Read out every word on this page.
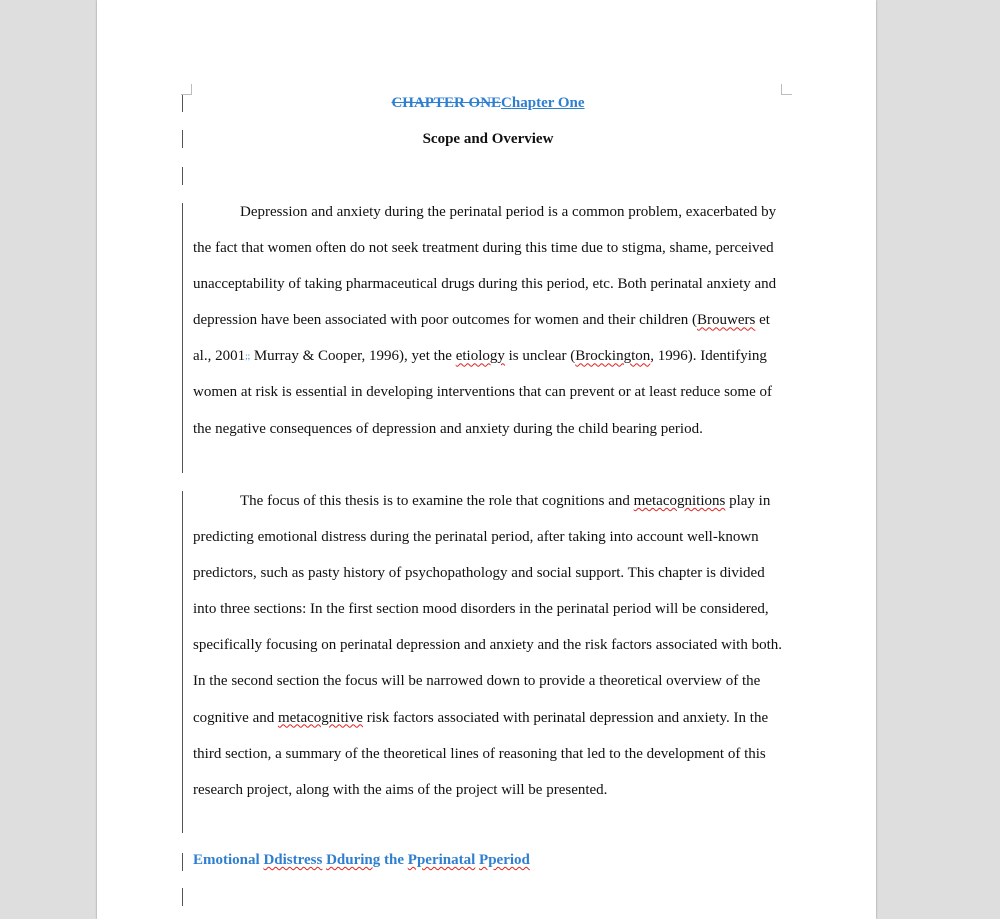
CHAPTER ONEChapter One
Scope and Overview

Depression and anxiety during the perinatal period is a common problem, exacerbated by the fact that women often do not seek treatment during this time due to stigma, shame, perceived unacceptability of taking pharmaceutical drugs during this period, etc. Both perinatal anxiety and depression have been associated with poor outcomes for women and their children (Brouwers et al., 2001;; Murray & Cooper, 1996), yet the etiology is unclear (Brockington, 1996). Identifying women at risk is essential in developing interventions that can prevent or at least reduce some of the negative consequences of depression and anxiety during the child bearing period.

The focus of this thesis is to examine the role that cognitions and metacognitions play in predicting emotional distress during the perinatal period, after taking into account well-known predictors, such as pasty history of psychopathology and social support. This chapter is divided into three sections: In the first section mood disorders in the perinatal period will be considered, specifically focusing on perinatal depression and anxiety and the risk factors associated with both. In the second section the focus will be narrowed down to provide a theoretical overview of the cognitive and metacognitive risk factors associated with perinatal depression and anxiety. In the third section, a summary of the theoretical lines of reasoning that led to the development of this research project, along with the aims of the project will be presented.

Emotional Ddistress Dduring the Pperinatal Pperiod
